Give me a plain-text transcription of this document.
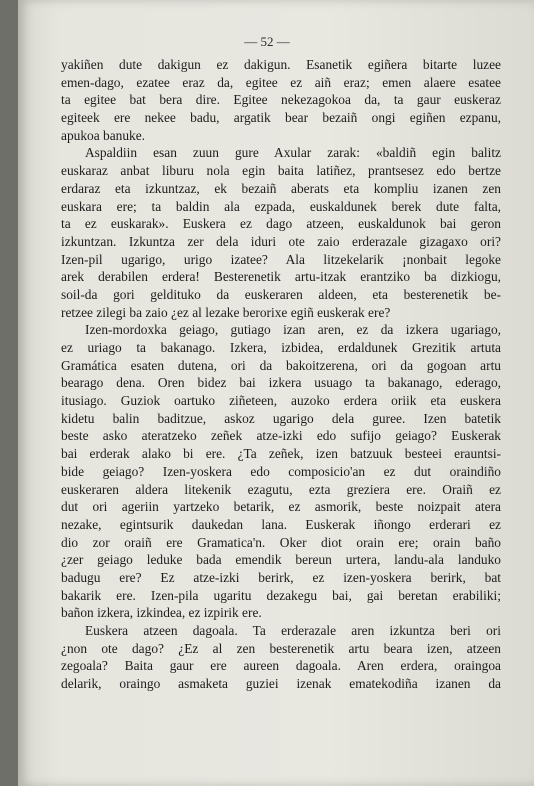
— 52 —
yakiñen dute dakigun ez dakigun. Esanetik egiñera bitarte luzee
emen-dago, ezatee eraz da, egitee ez aiñ eraz; emen alaere esatee
ta egitee bat bera dire. Egitee nekezagokoa da, ta gaur euskeraz
egiteek ere nekee badu, argatik bear bezaiñ ongi egiñen ezpanu,
apukoa banuke.
Aspaldiin esan zuun gure Axular zarak: «baldiñ egin balitz
euskaraz anbat liburu nola egin baita latiñez, prantsesez edo bertze
erdaraz eta izkuntzaz, ek bezaiñ aberats eta kompliu izanen zen
euskara ere; ta baldin ala ezpada, euskaldunek berek dute falta,
ta ez euskarak». Euskera ez dago atzeen, euskaldunok bai geron
izkuntzan. Izkuntza zer dela iduri ote zaio erderazale gizagaxo ori?
Izen-pil ugarigo, urigo izatee? Ala litzekelarik ¡nonbait legoke
arek derabilen erdera! Besterenetik artu-itzak erantziko ba dizkiogu,
soil-da gori geldituko da euskeraren aldeen, eta besterenetik be-
retzee zilegi ba zaio ¿ez al lezake berorixe egiñ euskerak ere?
Izen-mordoxka geiago, gutiago izan aren, ez da izkera ugariago,
ez uriago ta bakanago. Izkera, izbidea, erdaldunek Grezitik artuta
Gramática esaten dutena, ori da bakoitzerena, ori da gogoan artu
bearago dena. Oren bidez bai izkera usuago ta bakanago, ederago,
itusiago. Guziok oartuko ziñeteen, auzoko erdera oriik eta euskera
kidetu balin baditzue, askoz ugarigo dela guree. Izen batetik
beste asko ateratzeko zeñek atze-izki edo sufijo geiago? Euskerak
bai erderak alako bi ere. ¿Ta zeñek, izen batzuuk besteei erauntsi-
bide geiago? Izen-yoskera edo composicio'an ez dut oraindiño
euskeraren aldera litekenik ezagutu, ezta greziera ere. Oraiñ ez
dut ori ageriin yartzeko betarik, ez asmorik, beste noizpait atera
nezake, egintsurik daukedan lana. Euskerak iñongo erderari ez
dio zor oraiñ ere Gramatica'n. Oker diot orain ere; orain baño
¿zer geiago leduke bada emendik bereun urtera, landu-ala landuko
badugu ere? Ez atze-izki berirk, ez izen-yoskera berirk, bat
bakarik ere. Izen-pila ugaritu dezakegu bai, gai beretan erabiliki;
bañon izkera, izkindea, ez izpirik ere.
Euskera atzeen dagoala. Ta erderazale aren izkuntza beri ori
¿non ote dago? ¿Ez al zen besterenetik artu beara izen, atzeen
zegoala? Baita gaur ere aureen dagoala. Aren erdera, oraingoa
delarik, oraingo asmaketa guziei izenak ematekodiña izanen da
